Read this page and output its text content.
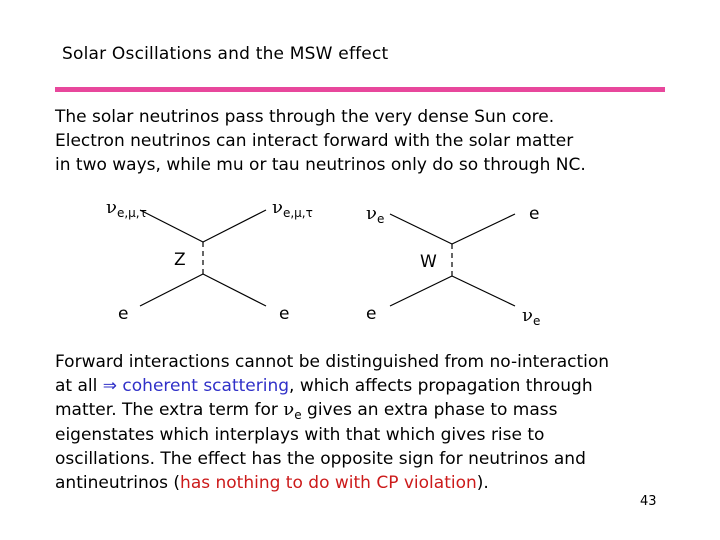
Solar Oscillations and the MSW effect
The solar neutrinos pass through the very dense Sun core.
Electron neutrinos can interact forward with the solar matter
in two ways, while mu or tau neutrinos only do so through NC.
$\nu_{e,\mu,\tau}$	$\nu_{e,\mu,\tau}$
Z
e	e
$\nu_e$	e
W
e	$\nu_e$
Forward interactions cannot be distinguished from no-interaction
at all ⇒ coherent scattering, which affects propagation through
matter. The extra term for $\nu_e$ gives an extra phase to mass
eigenstates which interplays with that which gives rise to
oscillations. The effect has the opposite sign for neutrinos and
antineutrinos (has nothing to do with CP violation).
43
